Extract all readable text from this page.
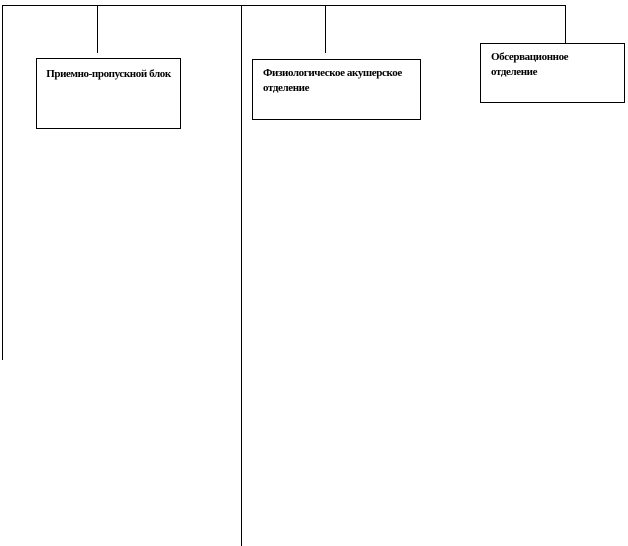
Приемно-пропускной блок	Физиологическое акушерское отделение
Обсервационное отделение
